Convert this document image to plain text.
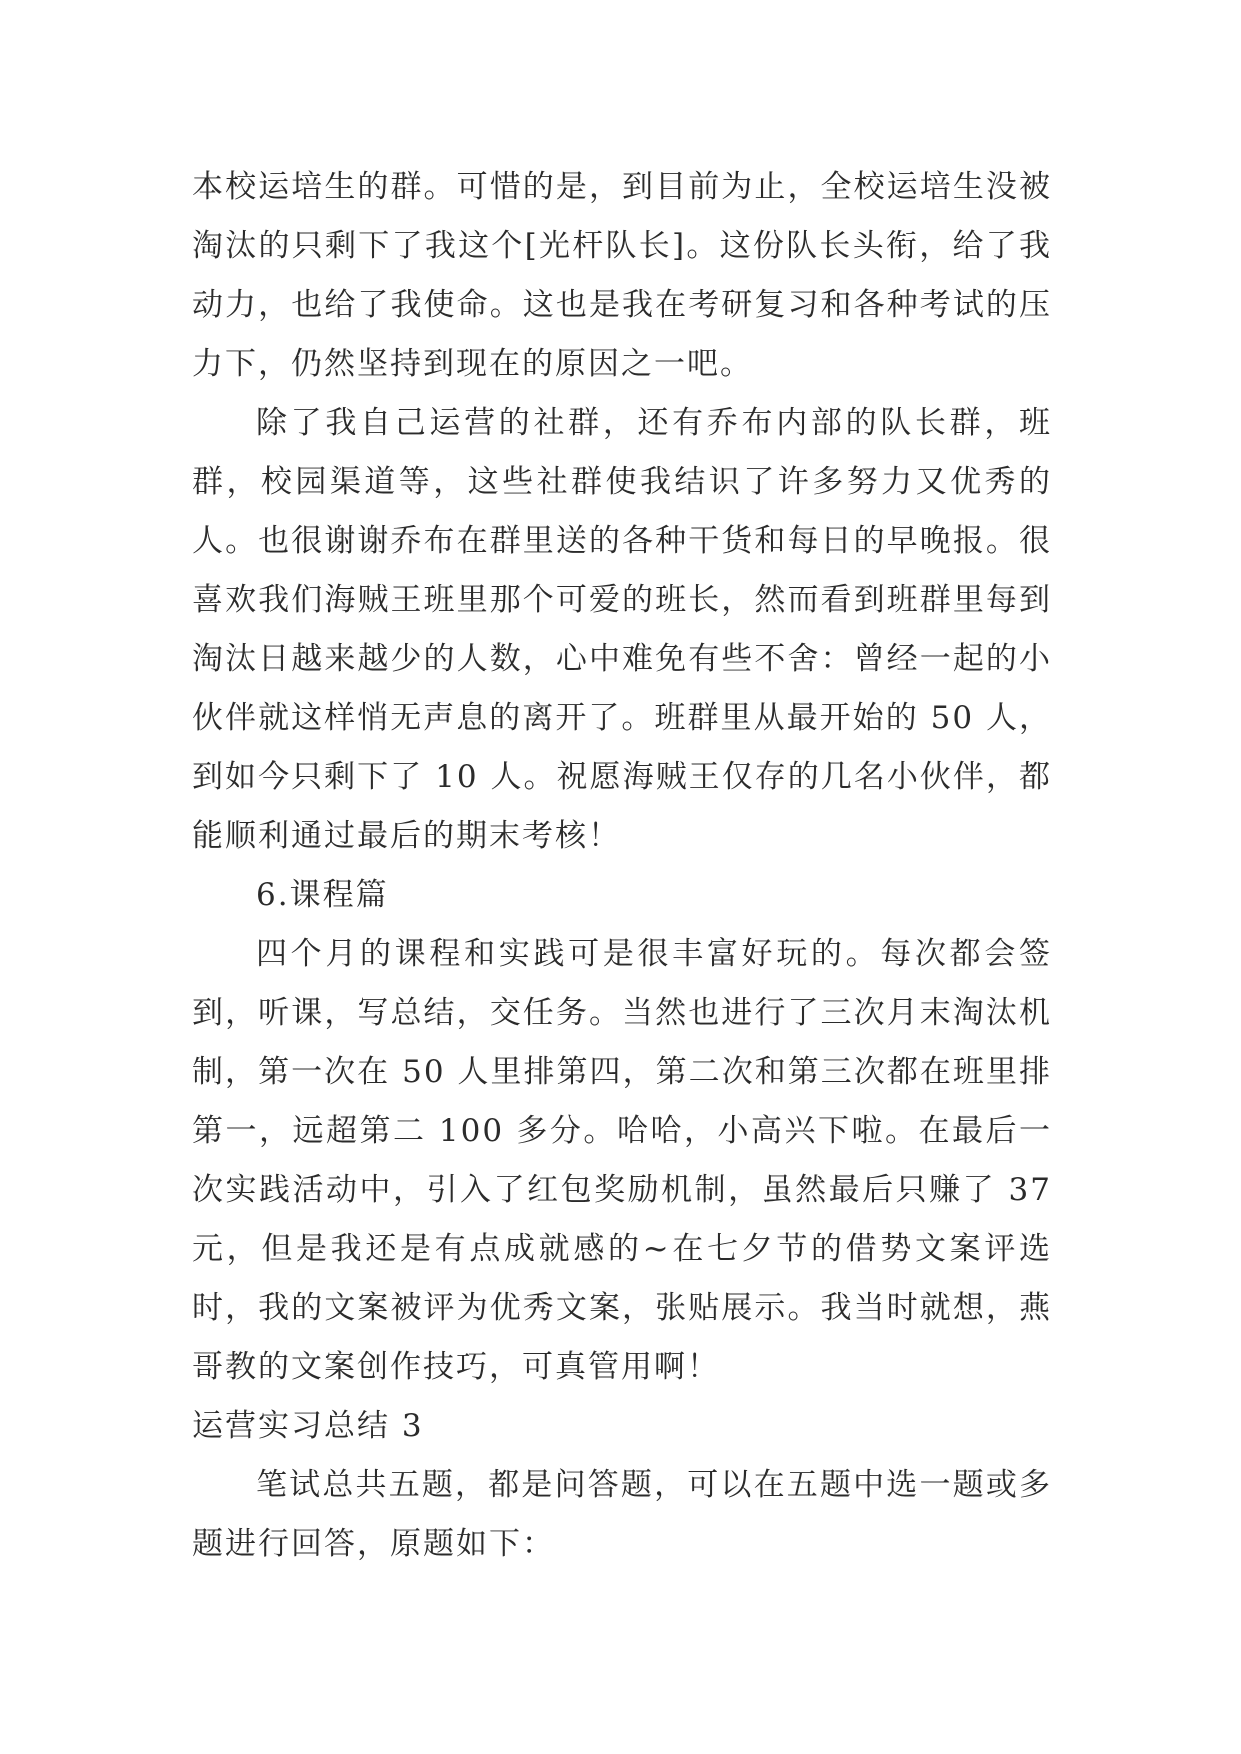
本校运培生的群。可惜的是，到目前为止，全校运培生没被淘汰的只剩下了我这个[光杆队长]。这份队长头衔，给了我动力，也给了我使命。这也是我在考研复习和各种考试的压力下，仍然坚持到现在的原因之一吧。

除了我自己运营的社群，还有乔布内部的队长群，班群，校园渠道等，这些社群使我结识了许多努力又优秀的人。也很谢谢乔布在群里送的各种干货和每日的早晚报。很喜欢我们海贼王班里那个可爱的班长，然而看到班群里每到淘汰日越来越少的人数，心中难免有些不舍：曾经一起的小伙伴就这样悄无声息的离开了。班群里从最开始的 50 人，到如今只剩下了 10 人。祝愿海贼王仅存的几名小伙伴，都能顺利通过最后的期末考核！

6.课程篇

四个月的课程和实践可是很丰富好玩的。每次都会签到，听课，写总结，交任务。当然也进行了三次月末淘汰机制，第一次在 50 人里排第四，第二次和第三次都在班里排第一，远超第二 100 多分。哈哈，小高兴下啦。在最后一次实践活动中，引入了红包奖励机制，虽然最后只赚了 37 元，但是我还是有点成就感的~在七夕节的借势文案评选时，我的文案被评为优秀文案，张贴展示。我当时就想，燕哥教的文案创作技巧，可真管用啊！

运营实习总结 3

笔试总共五题，都是问答题，可以在五题中选一题或多题进行回答，原题如下：
